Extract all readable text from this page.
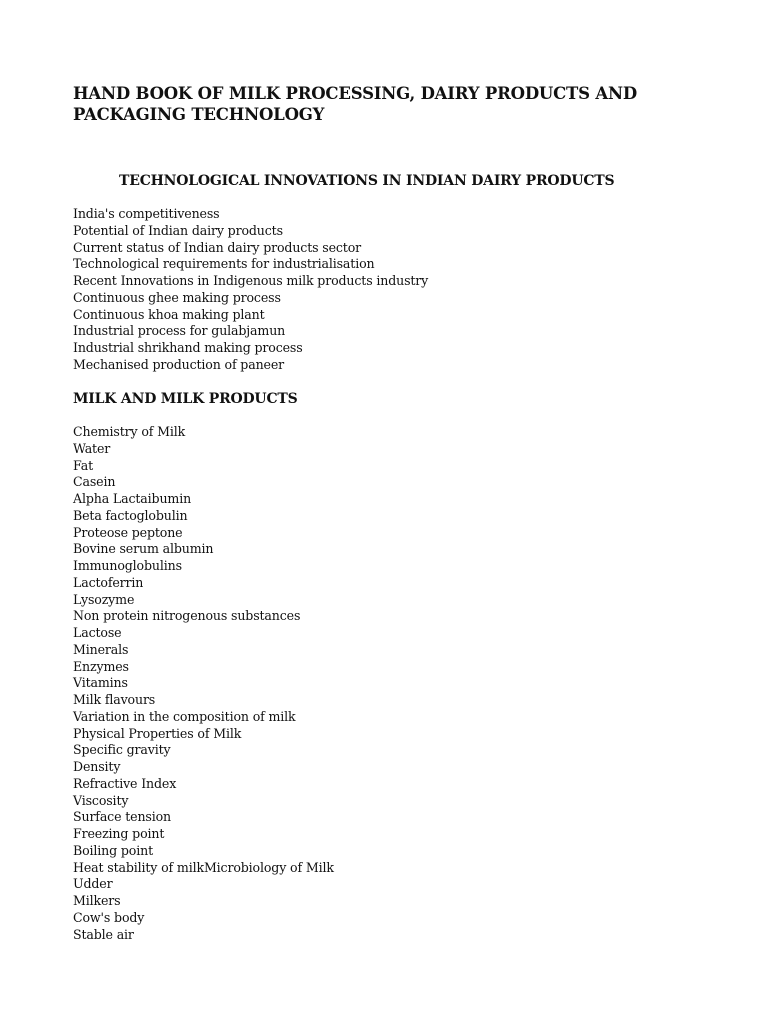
HAND BOOK OF MILK PROCESSING, DAIRY PRODUCTS AND PACKAGING TECHNOLOGY
TECHNOLOGICAL INNOVATIONS IN INDIAN DAIRY PRODUCTS
India's competitiveness
Potential of Indian dairy products
Current status of Indian dairy products sector
Technological requirements for industrialisation
Recent Innovations in Indigenous milk products industry
Continuous ghee making process
Continuous khoa making plant
Industrial process for gulabjamun
Industrial shrikhand making process
Mechanised production of paneer
MILK AND MILK PRODUCTS
Chemistry of Milk
Water
Fat
Casein
Alpha Lactaibumin
Beta factoglobulin
Proteose peptone
Bovine serum albumin
Immunoglobulins
Lactoferrin
Lysozyme
Non protein nitrogenous substances
Lactose
Minerals
Enzymes
Vitamins
Milk flavours
Variation in the composition of milk
Physical Properties of Milk
Specific gravity
Density
Refractive Index
Viscosity
Surface tension
Freezing point
Boiling point
Heat stability of milkMicrobiology of Milk
Udder
Milkers
Cow's body
Stable air
